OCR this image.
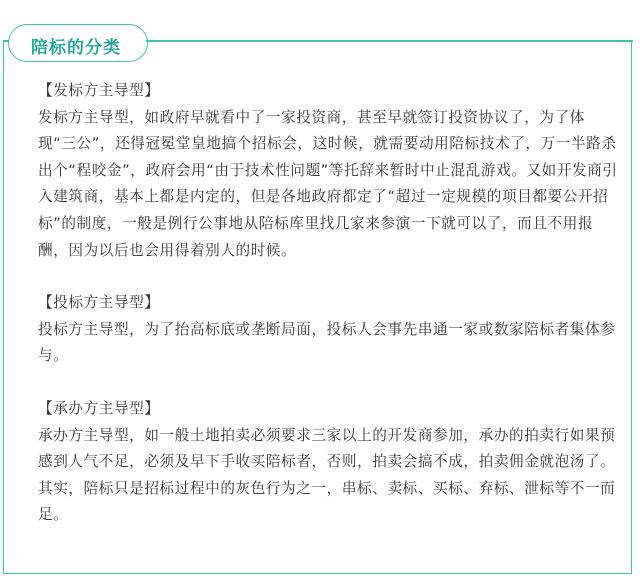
陪标的分类

【发标方主导型】

发标方主导型，如政府早就看中了一家投资商，甚至早就签订投资协议了，为了体现“三公”，还得冠冕堂皇地搞个招标会，这时候，就需要动用陪标技术了，万一半路杀出个“程咬金”，政府会用“由于技术性问题”等托辞来暂时中止混乱游戏。又如开发商引入建筑商，基本上都是内定的，但是各地政府都定了“超过一定规模的项目都要公开招标”的制度，一般是例行公事地从陪标库里找几家来参演一下就可以了，而且不用报酬，因为以后也会用得着别人的时候。

【投标方主导型】

投标方主导型，为了抬高标底或垄断局面，投标人会事先串通一家或数家陪标者集体参与。

【承办方主导型】

承办方主导型，如一般土地拍卖必须要求三家以上的开发商参加，承办的拍卖行如果预感到人气不足，必须及早下手收买陪标者，否则，拍卖会搞不成，拍卖佣金就泡汤了。其实，陪标只是招标过程中的灰色行为之一，串标、卖标、买标、弃标、泄标等不一而足。
